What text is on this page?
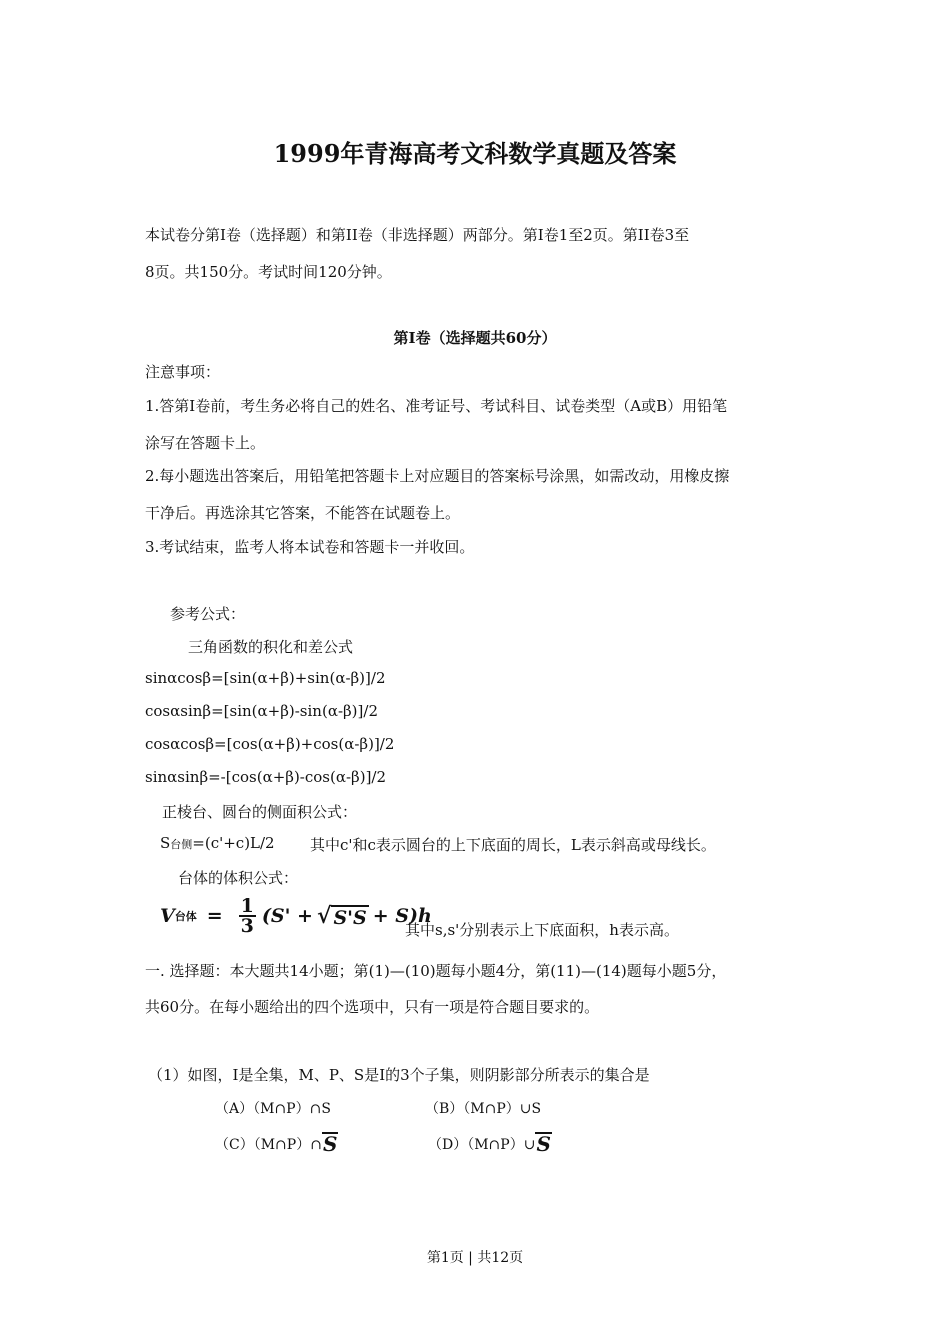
1999年青海高考文科数学真题及答案
本试卷分第Ⅰ卷（选择题）和第II卷（非选择题）两部分。第Ⅰ卷1至2页。第II卷3至
8页。共150分。考试时间120分钟。
第Ⅰ卷（选择题共60分）
注意事项：
1.答第Ⅰ卷前，考生务必将自己的姓名、准考证号、考试科目、试卷类型（A或B）用铅笔
涂写在答题卡上。
2.每小题选出答案后，用铅笔把答题卡上对应题目的答案标号涂黑，如需改动，用橡皮擦
干净后。再选涂其它答案，不能答在试题卷上。
3.考试结束，监考人将本试卷和答题卡一并收回。
参考公式：
三角函数的积化和差公式
sinαcosβ=[sin(α+β)+sin(α-β)]/2
cosαsinβ=[sin(α+β)-sin(α-β)]/2
cosαcosβ=[cos(α+β)+cos(α-β)]/2
sinαsinβ=-[cos(α+β)-cos(α-β)]/2
正棱台、圆台的侧面积公式：
S台侧=(c'+c)L/2 其中c'和c表示圆台的上下底面的周长，L表示斜高或母线长。
台体的体积公式：
V 台体 = $\frac{1}{3} (S'$ + √ S'S + S)h
其中s,s'分别表示上下底面积，h表示高。
一. 选择题：本大题共14小题；第(1)—(10)题每小题4分，第(11)—(14)题每小题5分，
共60分。在每小题给出的四个选项中，只有一项是符合题目要求的。
（1）如图，I是全集，M、P、S是I的3个子集，则阴影部分所表示的集合是
（A）（M∩P）∩S	（B）（M∩P）∪S
（C）（M∩P）∩ S	（D）（M∩P）∪ S
第1页 | 共12页
